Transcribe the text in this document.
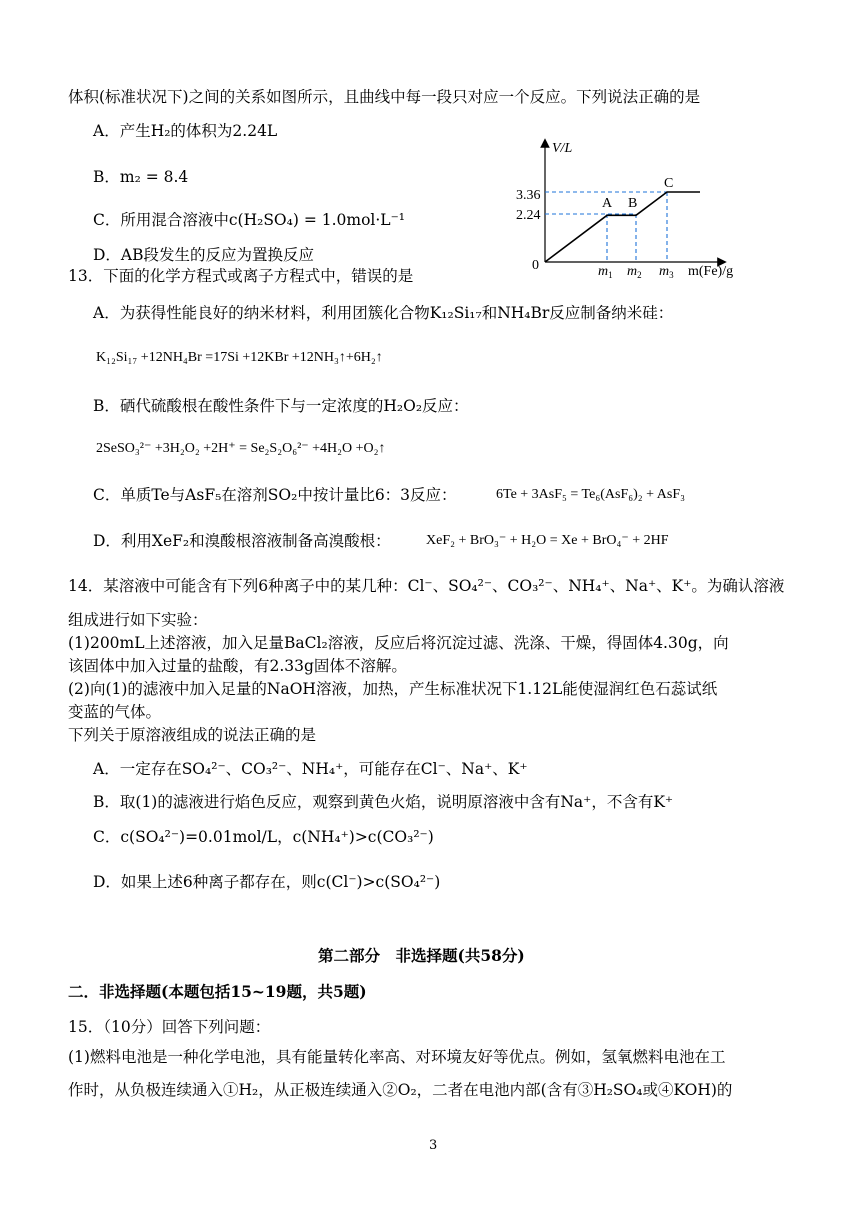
体积(标准状况下)之间的关系如图所示，且曲线中每一段只对应一个反应。下列说法正确的是
A．产生H₂的体积为2.24L
B．m₂ = 8.4
C．所用混合溶液中c(H₂SO₄) = 1.0mol·L⁻¹
D．AB段发生的反应为置换反应
V/L
3.36
2.24
0
A B
C
$m_1$ $m_2$ $m_3$ m(Fe)/g
13．下面的化学方程式或离子方程式中，错误的是
A．为获得性能良好的纳米材料，利用团簇化合物K₁₂Si₁₇和NH₄Br反应制备纳米硅：
K₁₂Si₁₇ +12NH₄Br =17Si +12KBr +12NH₃↑+6H₂↑
B．硒代硫酸根在酸性条件下与一定浓度的H₂O₂反应：
2SeSO₃²⁻ +3H₂O₂ +2H⁺ = Se₂S₂O₆²⁻ +4H₂O +O₂↑
C．单质Te与AsF₅在溶剂SO₂中按计量比6：3反应：	6Te + 3AsF₅ = Te₆(AsF₆)₂ + AsF₃
D．利用XeF₂和溴酸根溶液制备高溴酸根：	XeF₂ + BrO₃⁻ + H₂O = Xe + BrO₄⁻ + 2HF
14．某溶液中可能含有下列6种离子中的某几种：Cl⁻、SO₄²⁻、CO₃²⁻、NH₄⁺、Na⁺、K⁺。为确认溶液
组成进行如下实验：
(1)200mL上述溶液，加入足量BaCl₂溶液，反应后将沉淀过滤、洗涤、干燥，得固体4.30g，向
该固体中加入过量的盐酸，有2.33g固体不溶解。
(2)向(1)的滤液中加入足量的NaOH溶液，加热，产生标准状况下1.12L能使湿润红色石蕊试纸
变蓝的气体。
下列关于原溶液组成的说法正确的是
A．一定存在SO₄²⁻、CO₃²⁻、NH₄⁺，可能存在Cl⁻、Na⁺、K⁺
B．取(1)的滤液进行焰色反应，观察到黄色火焰，说明原溶液中含有Na⁺，不含有K⁺
C．c(SO₄²⁻)=0.01mol/L，c(NH₄⁺)>c(CO₃²⁻)
D．如果上述6种离子都存在，则c(Cl⁻)>c(SO₄²⁻)
第二部分　非选择题(共58分)
二．非选择题(本题包括15~19题，共5题)
15．（10分）回答下列问题：
(1)燃料电池是一种化学电池，具有能量转化率高、对环境友好等优点。例如，氢氧燃料电池在工
作时，从负极连续通入①H₂，从正极连续通入②O₂，二者在电池内部(含有③H₂SO₄或④KOH)的
3
